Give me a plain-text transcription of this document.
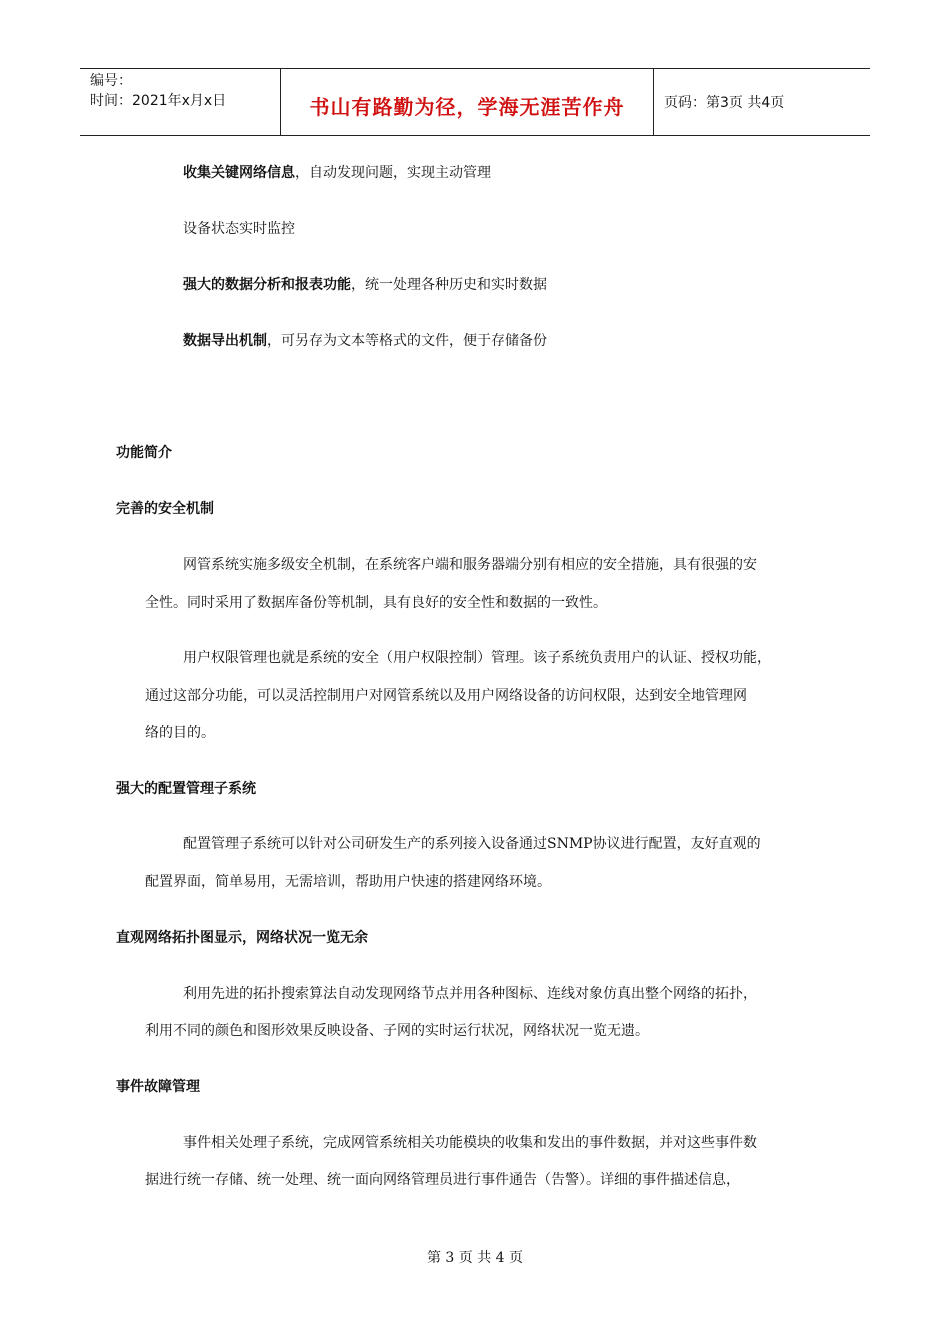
编号：
时间：2021年x月x日	书山有路勤为径，学海无涯苦作舟	页码：第3页 共4页
收集关键网络信息，自动发现问题，实现主动管理
设备状态实时监控
强大的数据分析和报表功能，统一处理各种历史和实时数据
数据导出机制，可另存为文本等格式的文件，便于存储备份
功能简介
完善的安全机制
网管系统实施多级安全机制，在系统客户端和服务器端分别有相应的安全措施，具有很强的安
全性。同时采用了数据库备份等机制，具有良好的安全性和数据的一致性。
用户权限管理也就是系统的安全（用户权限控制）管理。该子系统负责用户的认证、授权功能，
通过这部分功能，可以灵活控制用户对网管系统以及用户网络设备的访问权限，达到安全地管理网
络的目的。
强大的配置管理子系统
配置管理子系统可以针对公司研发生产的系列接入设备通过SNMP协议进行配置，友好直观的
配置界面，简单易用，无需培训，帮助用户快速的搭建网络环境。
直观网络拓扑图显示，网络状况一览无余
利用先进的拓扑搜索算法自动发现网络节点并用各种图标、连线对象仿真出整个网络的拓扑，
利用不同的颜色和图形效果反映设备、子网的实时运行状况，网络状况一览无遗。
事件故障管理
事件相关处理子系统，完成网管系统相关功能模块的收集和发出的事件数据，并对这些事件数
据进行统一存储、统一处理、统一面向网络管理员进行事件通告（告警）。详细的事件描述信息，
第 3 页 共 4 页
